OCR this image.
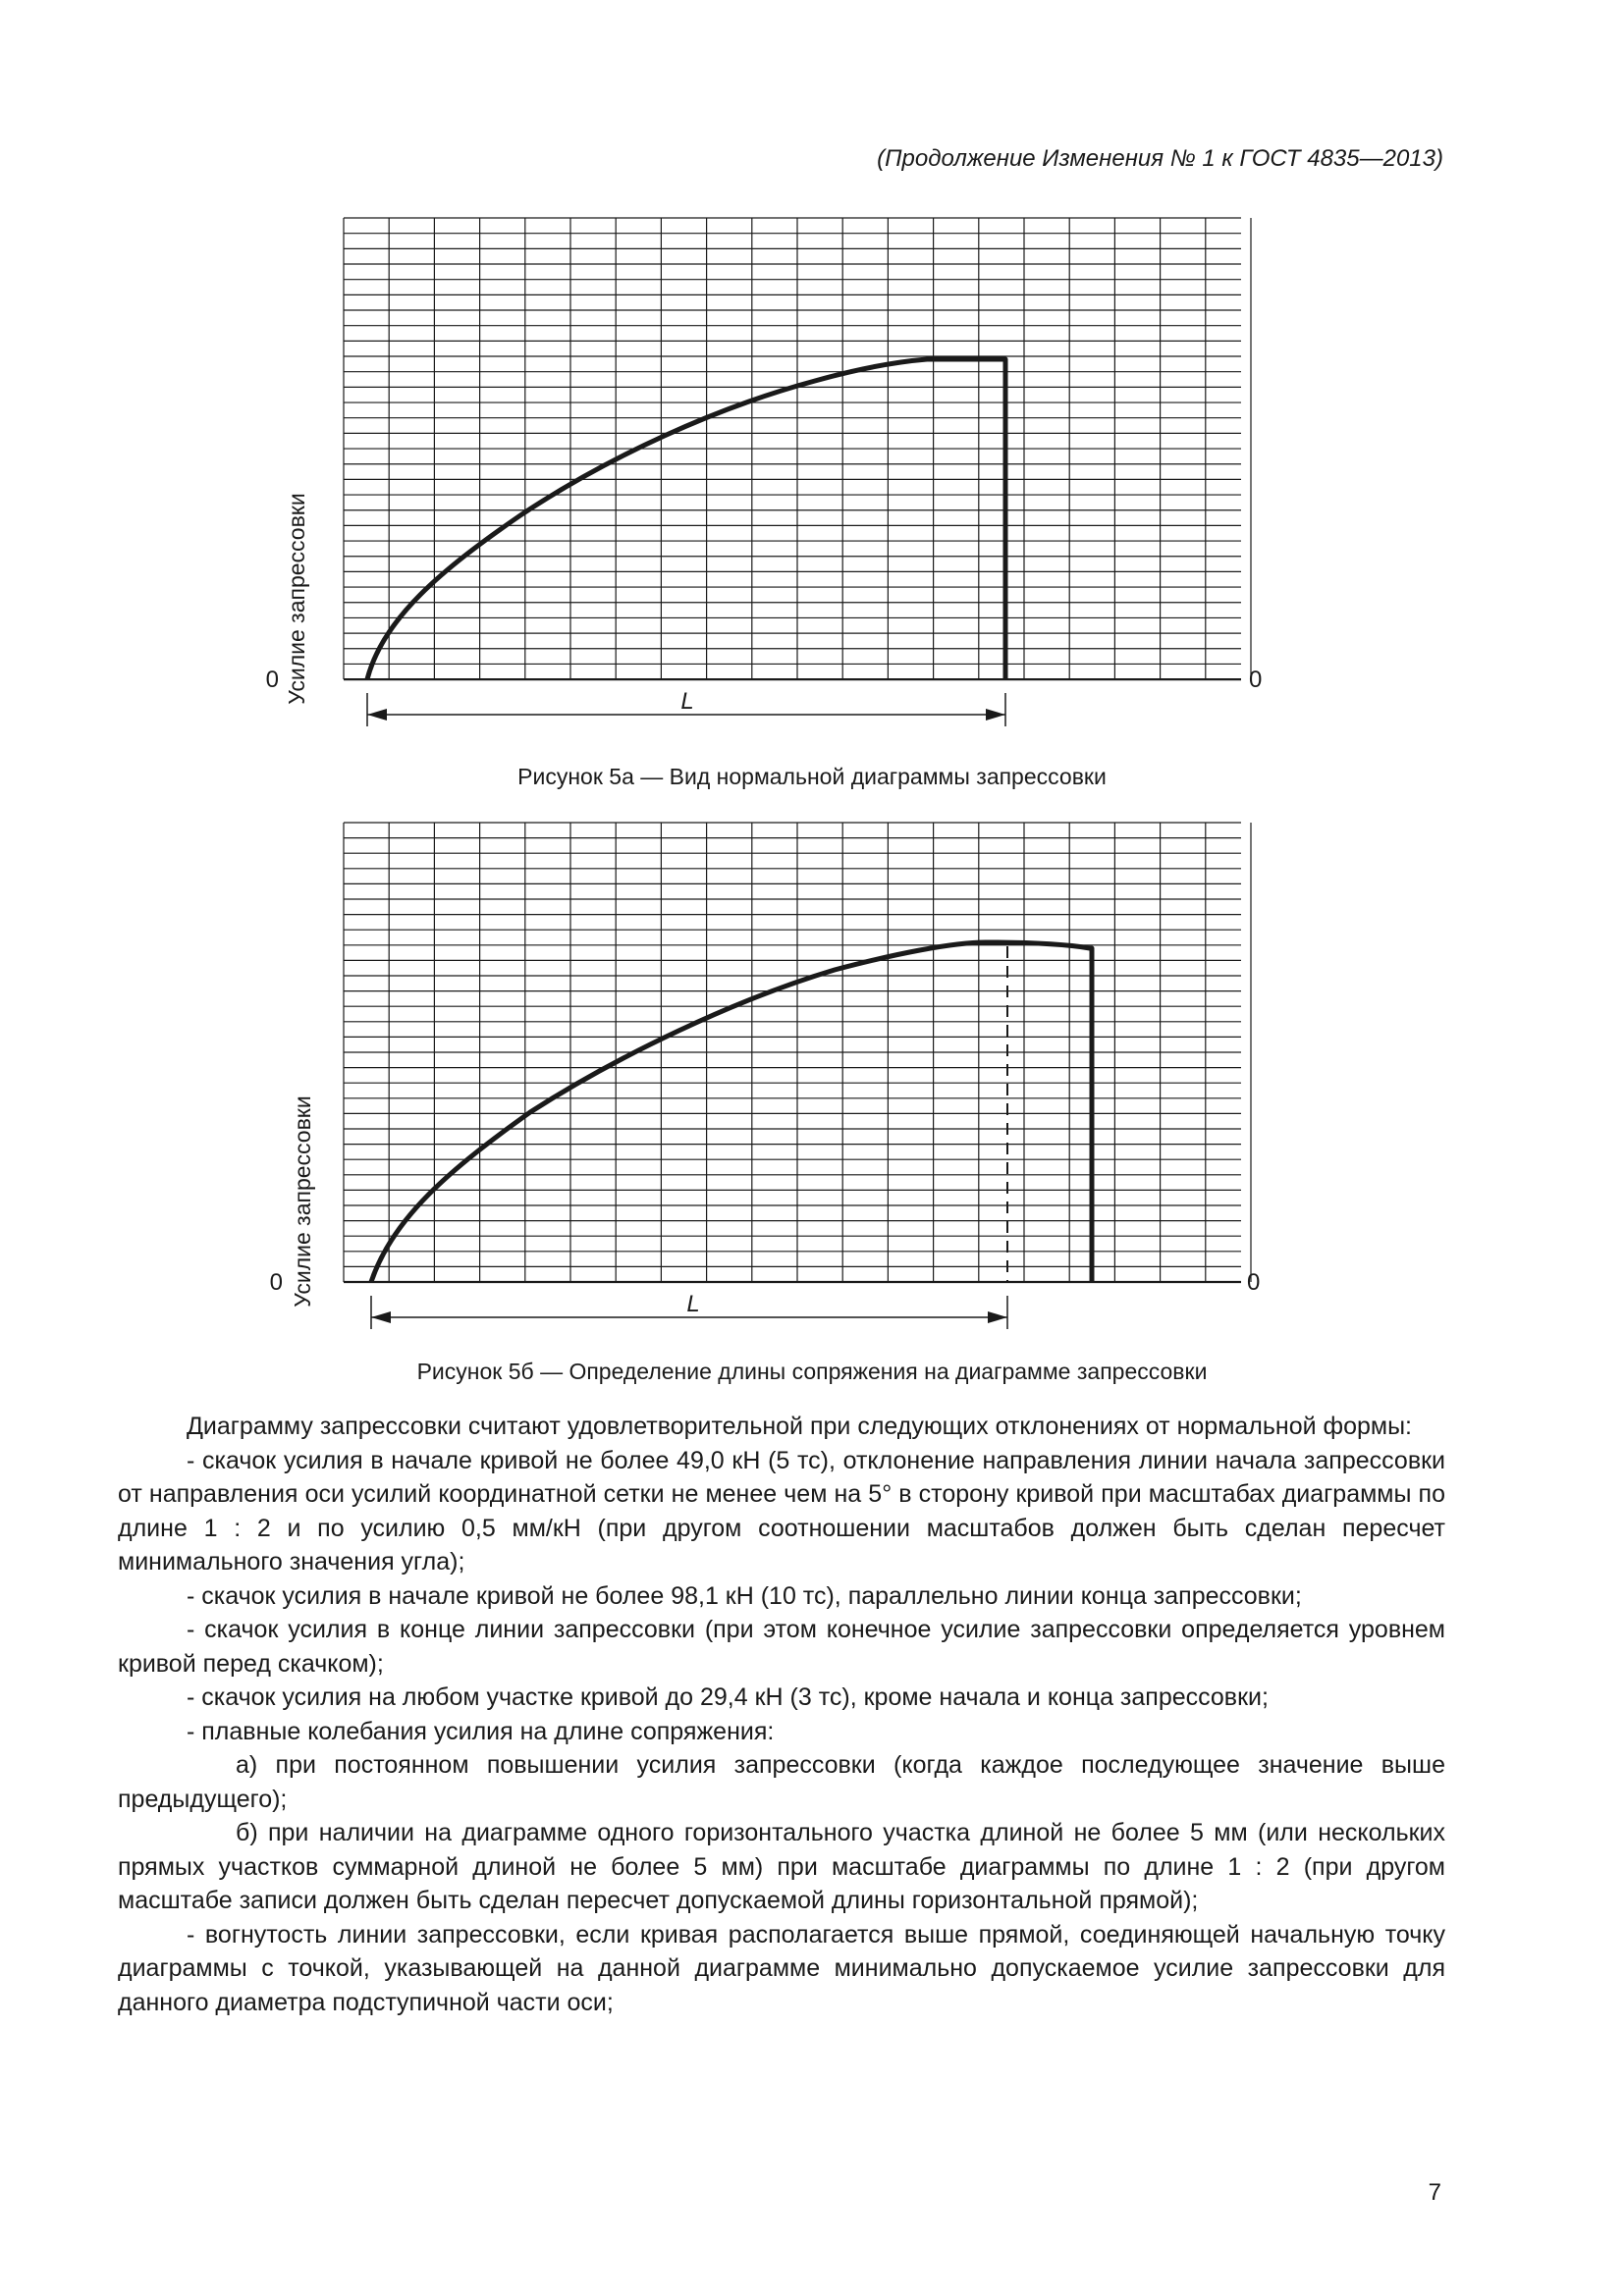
(Продолжение Изменения № 1 к ГОСТ 4835—2013)
0	0
Усилие запрессовки	L
Рисунок 5а — Вид нормальной диаграммы запрессовки
0	0
Усилие запрессовки	L
Рисунок 5б — Определение длины сопряжения на диаграмме запрессовки

Диаграмму запрессовки считают удовлетворительной при следующих отклонениях от нормальной формы:

- скачок усилия в начале кривой не более 49,0 кН (5 тс), отклонение направления линии начала запрессовки от направления оси усилий координатной сетки не менее чем на 5° в сторону кривой при масштабах диаграммы по длине 1 : 2 и по усилию 0,5 мм/кН (при другом соотношении масштабов должен быть сделан пересчет минимального значения угла);

- скачок усилия в начале кривой не более 98,1 кН (10 тс), параллельно линии конца запрессовки;

- скачок усилия в конце линии запрессовки (при этом конечное усилие запрессовки определяется уровнем кривой перед скачком);

- скачок усилия на любом участке кривой до 29,4 кН (3 тс), кроме начала и конца запрессовки;

- плавные колебания усилия на длине сопряжения:

а) при постоянном повышении усилия запрессовки (когда каждое последующее значение выше предыдущего);

б) при наличии на диаграмме одного горизонтального участка длиной не более 5 мм (или нескольких прямых участков суммарной длиной не более 5 мм) при масштабе диаграммы по длине 1 : 2 (при другом масштабе записи должен быть сделан пересчет допускаемой длины горизонтальной прямой);

- вогнутость линии запрессовки, если кривая располагается выше прямой, соединяющей начальную точку диаграммы с точкой, указывающей на данной диаграмме минимально допускаемое усилие запрессовки для данного диаметра подступичной части оси;

7
